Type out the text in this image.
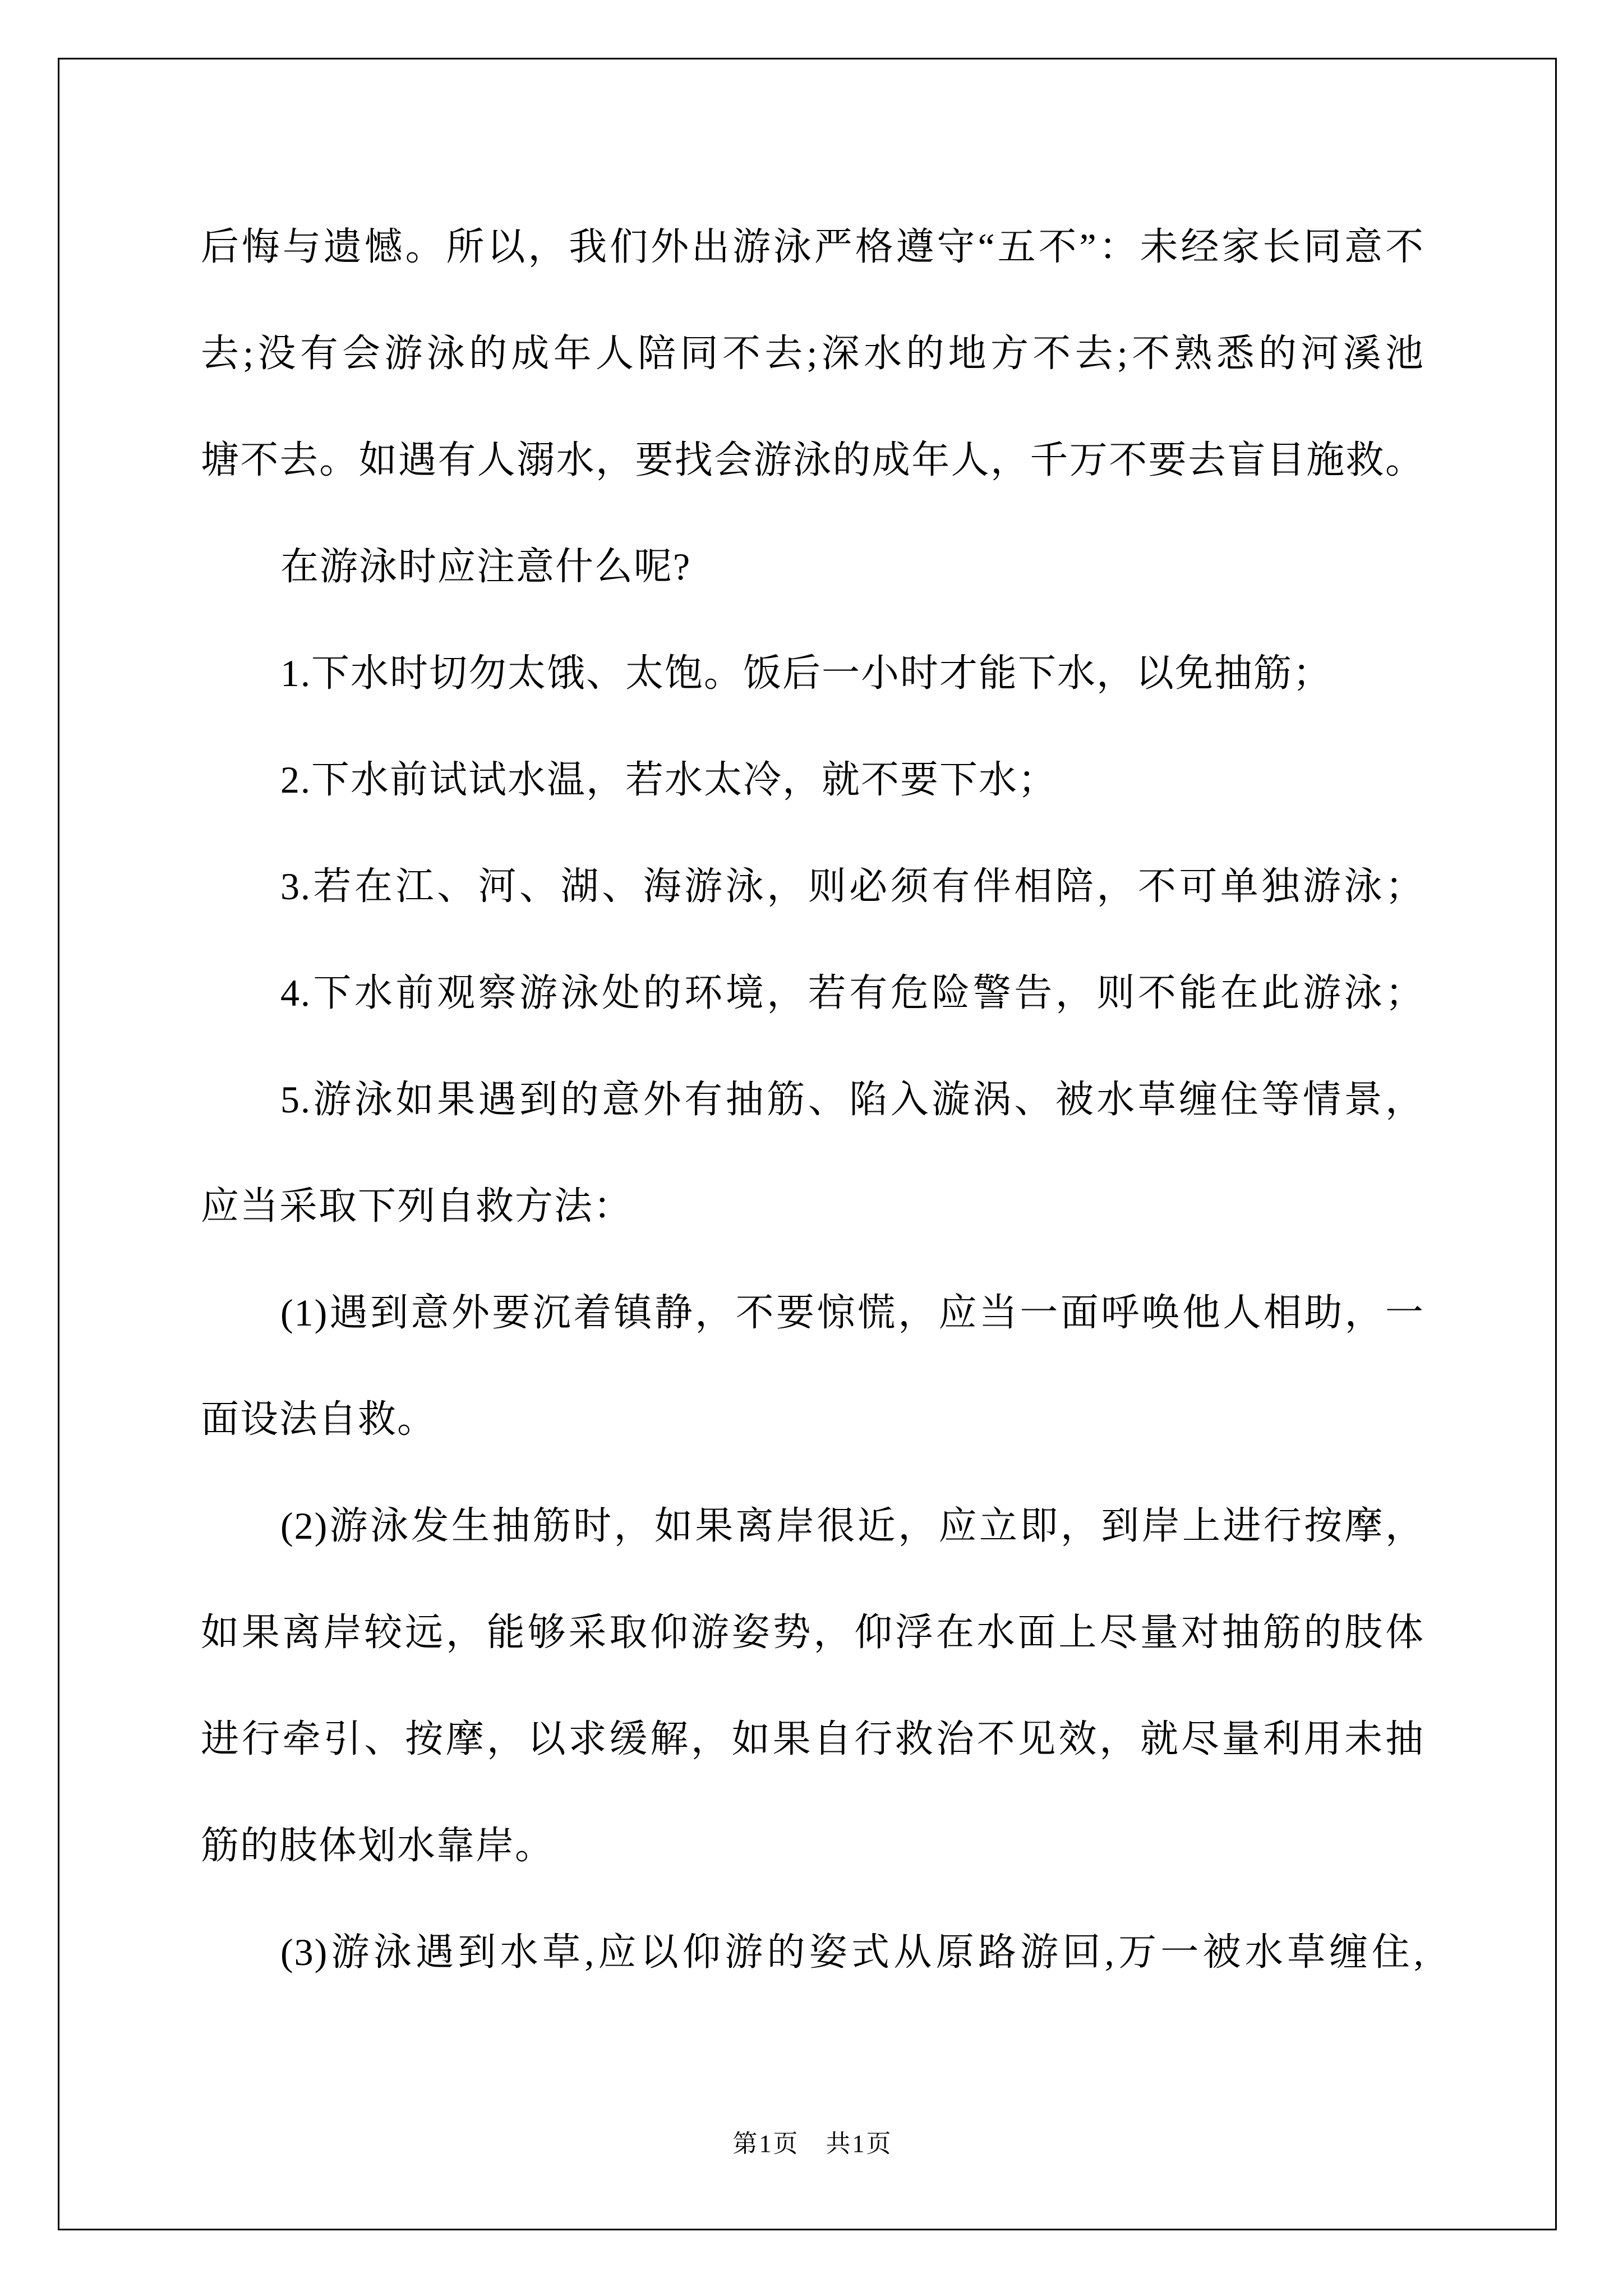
后悔与遗憾。所以，我们外出游泳严格遵守“五不”：未经家长同意不
去;没有会游泳的成年人陪同不去;深水的地方不去;不熟悉的河溪池
塘不去。如遇有人溺水，要找会游泳的成年人，千万不要去盲目施救。
在游泳时应注意什么呢?
1.下水时切勿太饿、太饱。饭后一小时才能下水，以免抽筋；
2.下水前试试水温，若水太冷，就不要下水；
3.若在江、河、湖、海游泳，则必须有伴相陪，不可单独游泳；
4.下水前观察游泳处的环境，若有危险警告，则不能在此游泳；
5.游泳如果遇到的意外有抽筋、陷入漩涡、被水草缠住等情景，
应当采取下列自救方法：
(1)遇到意外要沉着镇静，不要惊慌，应当一面呼唤他人相助，一
面设法自救。
(2)游泳发生抽筋时，如果离岸很近，应立即，到岸上进行按摩，
如果离岸较远，能够采取仰游姿势，仰浮在水面上尽量对抽筋的肢体
进行牵引、按摩，以求缓解，如果自行救治不见效，就尽量利用未抽
筋的肢体划水靠岸。
(3)游泳遇到水草,应以仰游的姿式从原路游回,万一被水草缠住,
第1页 共1页
